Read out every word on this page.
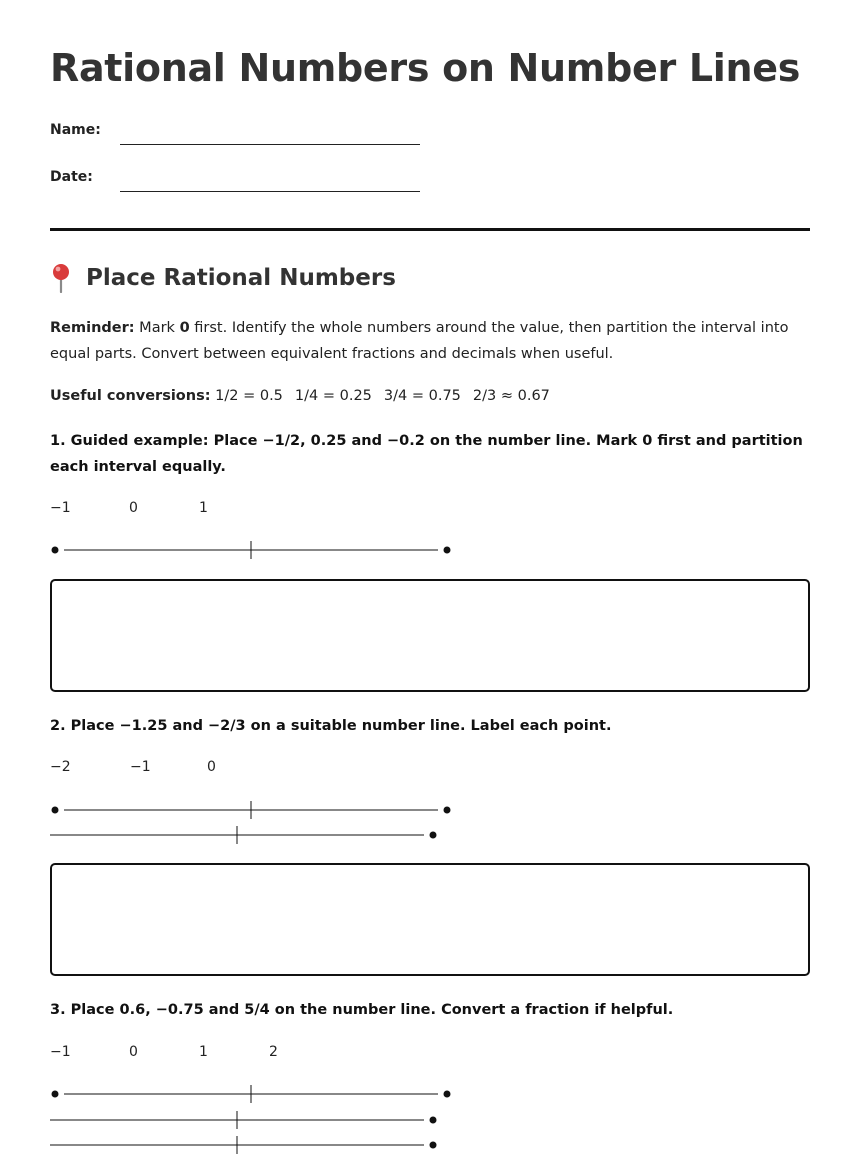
Rational Numbers on Number Lines
Name:
Date:
Place Rational Numbers

Reminder: Mark 0 first. Identify the whole numbers around the value, then partition the interval into equal parts. Convert between equivalent fractions and decimals when useful.

Useful conversions: 1/2 = 0.5 1/4 = 0.25 3/4 = 0.75 2/3 ≈ 0.67

1. Guided example: Place −1/2, 0.25 and −0.2 on the number line. Mark 0 first and partition each interval equally.

−1	0	1

2. Place −1.25 and −2/3 on a suitable number line. Label each point.

−2	−1	0

3. Place 0.6, −0.75 and 5/4 on the number line. Convert a fraction if helpful.

−1	0	1	2
